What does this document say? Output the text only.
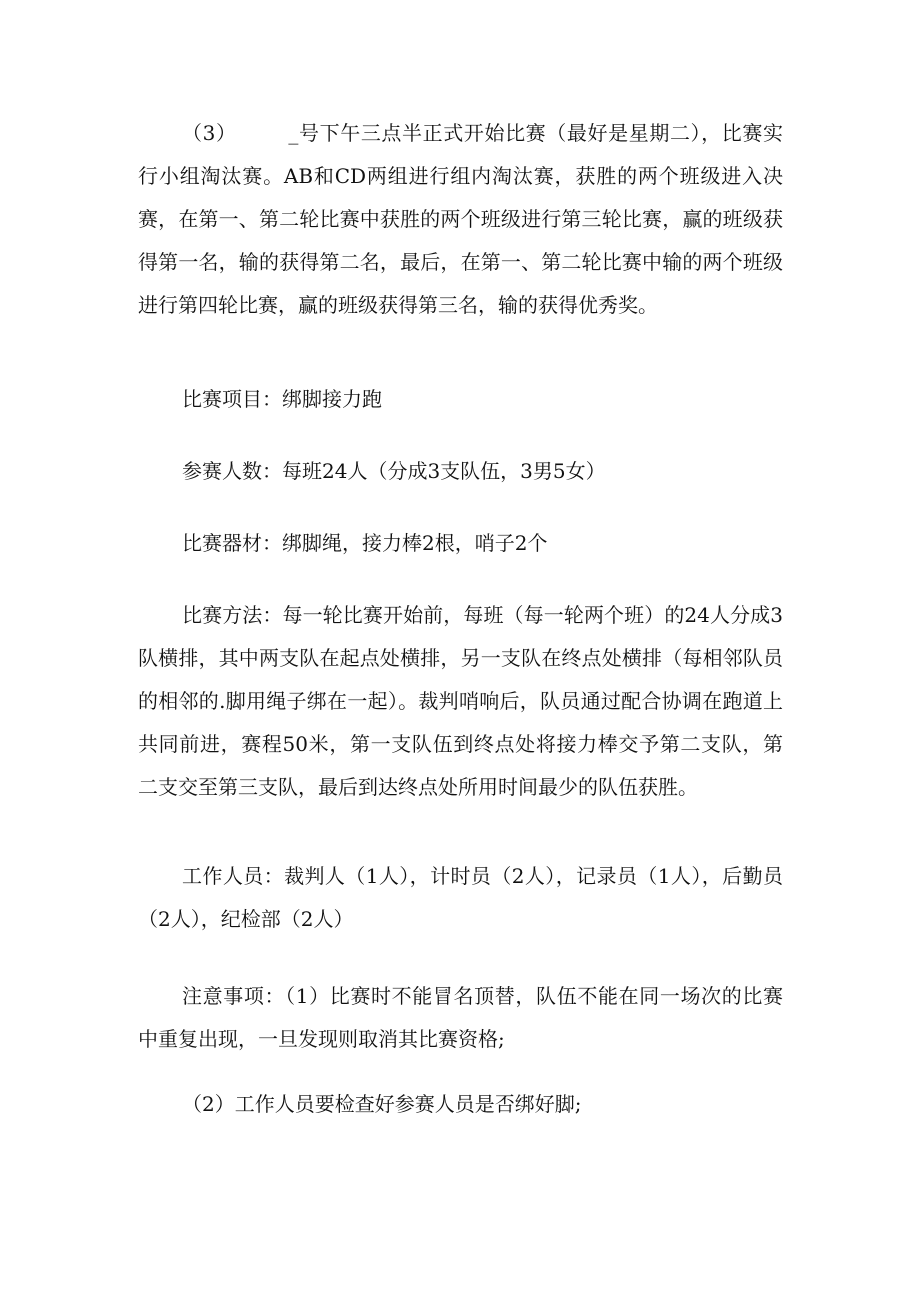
（3）　　　_号下午三点半正式开始比赛（最好是星期二），比赛实行小组淘汰赛。AB和CD两组进行组内淘汰赛，获胜的两个班级进入决赛，在第一、第二轮比赛中获胜的两个班级进行第三轮比赛，赢的班级获得第一名，输的获得第二名，最后，在第一、第二轮比赛中输的两个班级进行第四轮比赛，赢的班级获得第三名，输的获得优秀奖。

比赛项目：绑脚接力跑

参赛人数：每班24人（分成3支队伍，3男5女）

比赛器材：绑脚绳，接力棒2根，哨子2个

比赛方法：每一轮比赛开始前，每班（每一轮两个班）的24人分成3队横排，其中两支队在起点处横排，另一支队在终点处横排（每相邻队员的相邻的.脚用绳子绑在一起）。裁判哨响后，队员通过配合协调在跑道上共同前进，赛程50米，第一支队伍到终点处将接力棒交予第二支队，第二支交至第三支队，最后到达终点处所用时间最少的队伍获胜。

工作人员：裁判人（1人），计时员（2人），记录员（1人），后勤员（2人），纪检部（2人）

注意事项：（1）比赛时不能冒名顶替，队伍不能在同一场次的比赛中重复出现，一旦发现则取消其比赛资格;

（2）工作人员要检查好参赛人员是否绑好脚;
